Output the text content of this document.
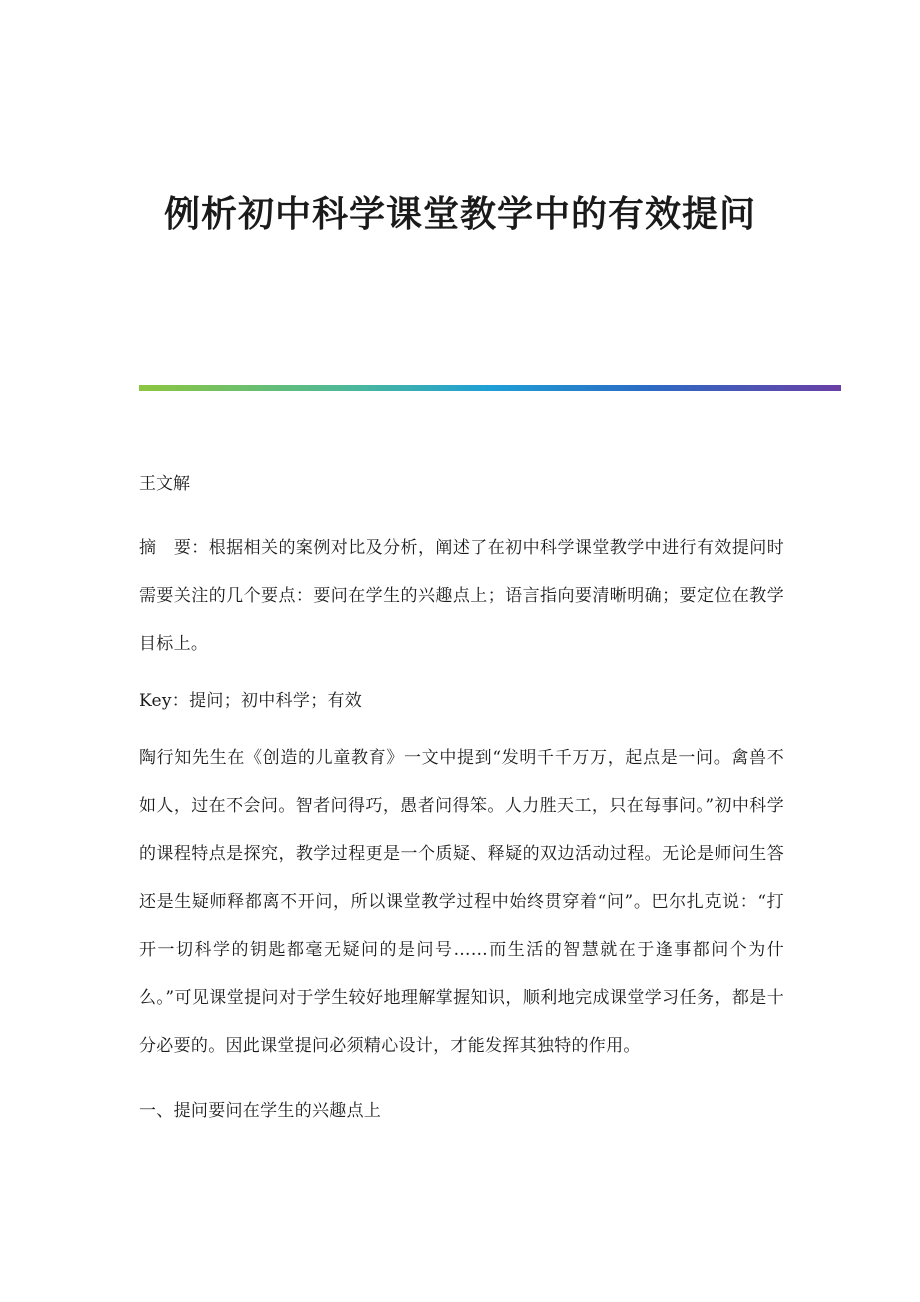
例析初中科学课堂教学中的有效提问
王文解

摘　要：根据相关的案例对比及分析，阐述了在初中科学课堂教学中进行有效提问时需要关注的几个要点：要问在学生的兴趣点上；语言指向要清晰明确；要定位在教学目标上。

Key：提问；初中科学；有效

陶行知先生在《创造的儿童教育》一文中提到“发明千千万万，起点是一问。禽兽不如人，过在不会问。智者问得巧，愚者问得笨。人力胜天工，只在每事问。”初中科学的课程特点是探究，教学过程更是一个质疑、释疑的双边活动过程。无论是师问生答还是生疑师释都离不开问，所以课堂教学过程中始终贯穿着“问”。巴尔扎克说：“打开一切科学的钥匙都毫无疑问的是问号……而生活的智慧就在于逢事都问个为什么。”可见课堂提问对于学生较好地理解掌握知识，顺利地完成课堂学习任务，都是十分必要的。因此课堂提问必须精心设计，才能发挥其独特的作用。

一、提问要问在学生的兴趣点上
